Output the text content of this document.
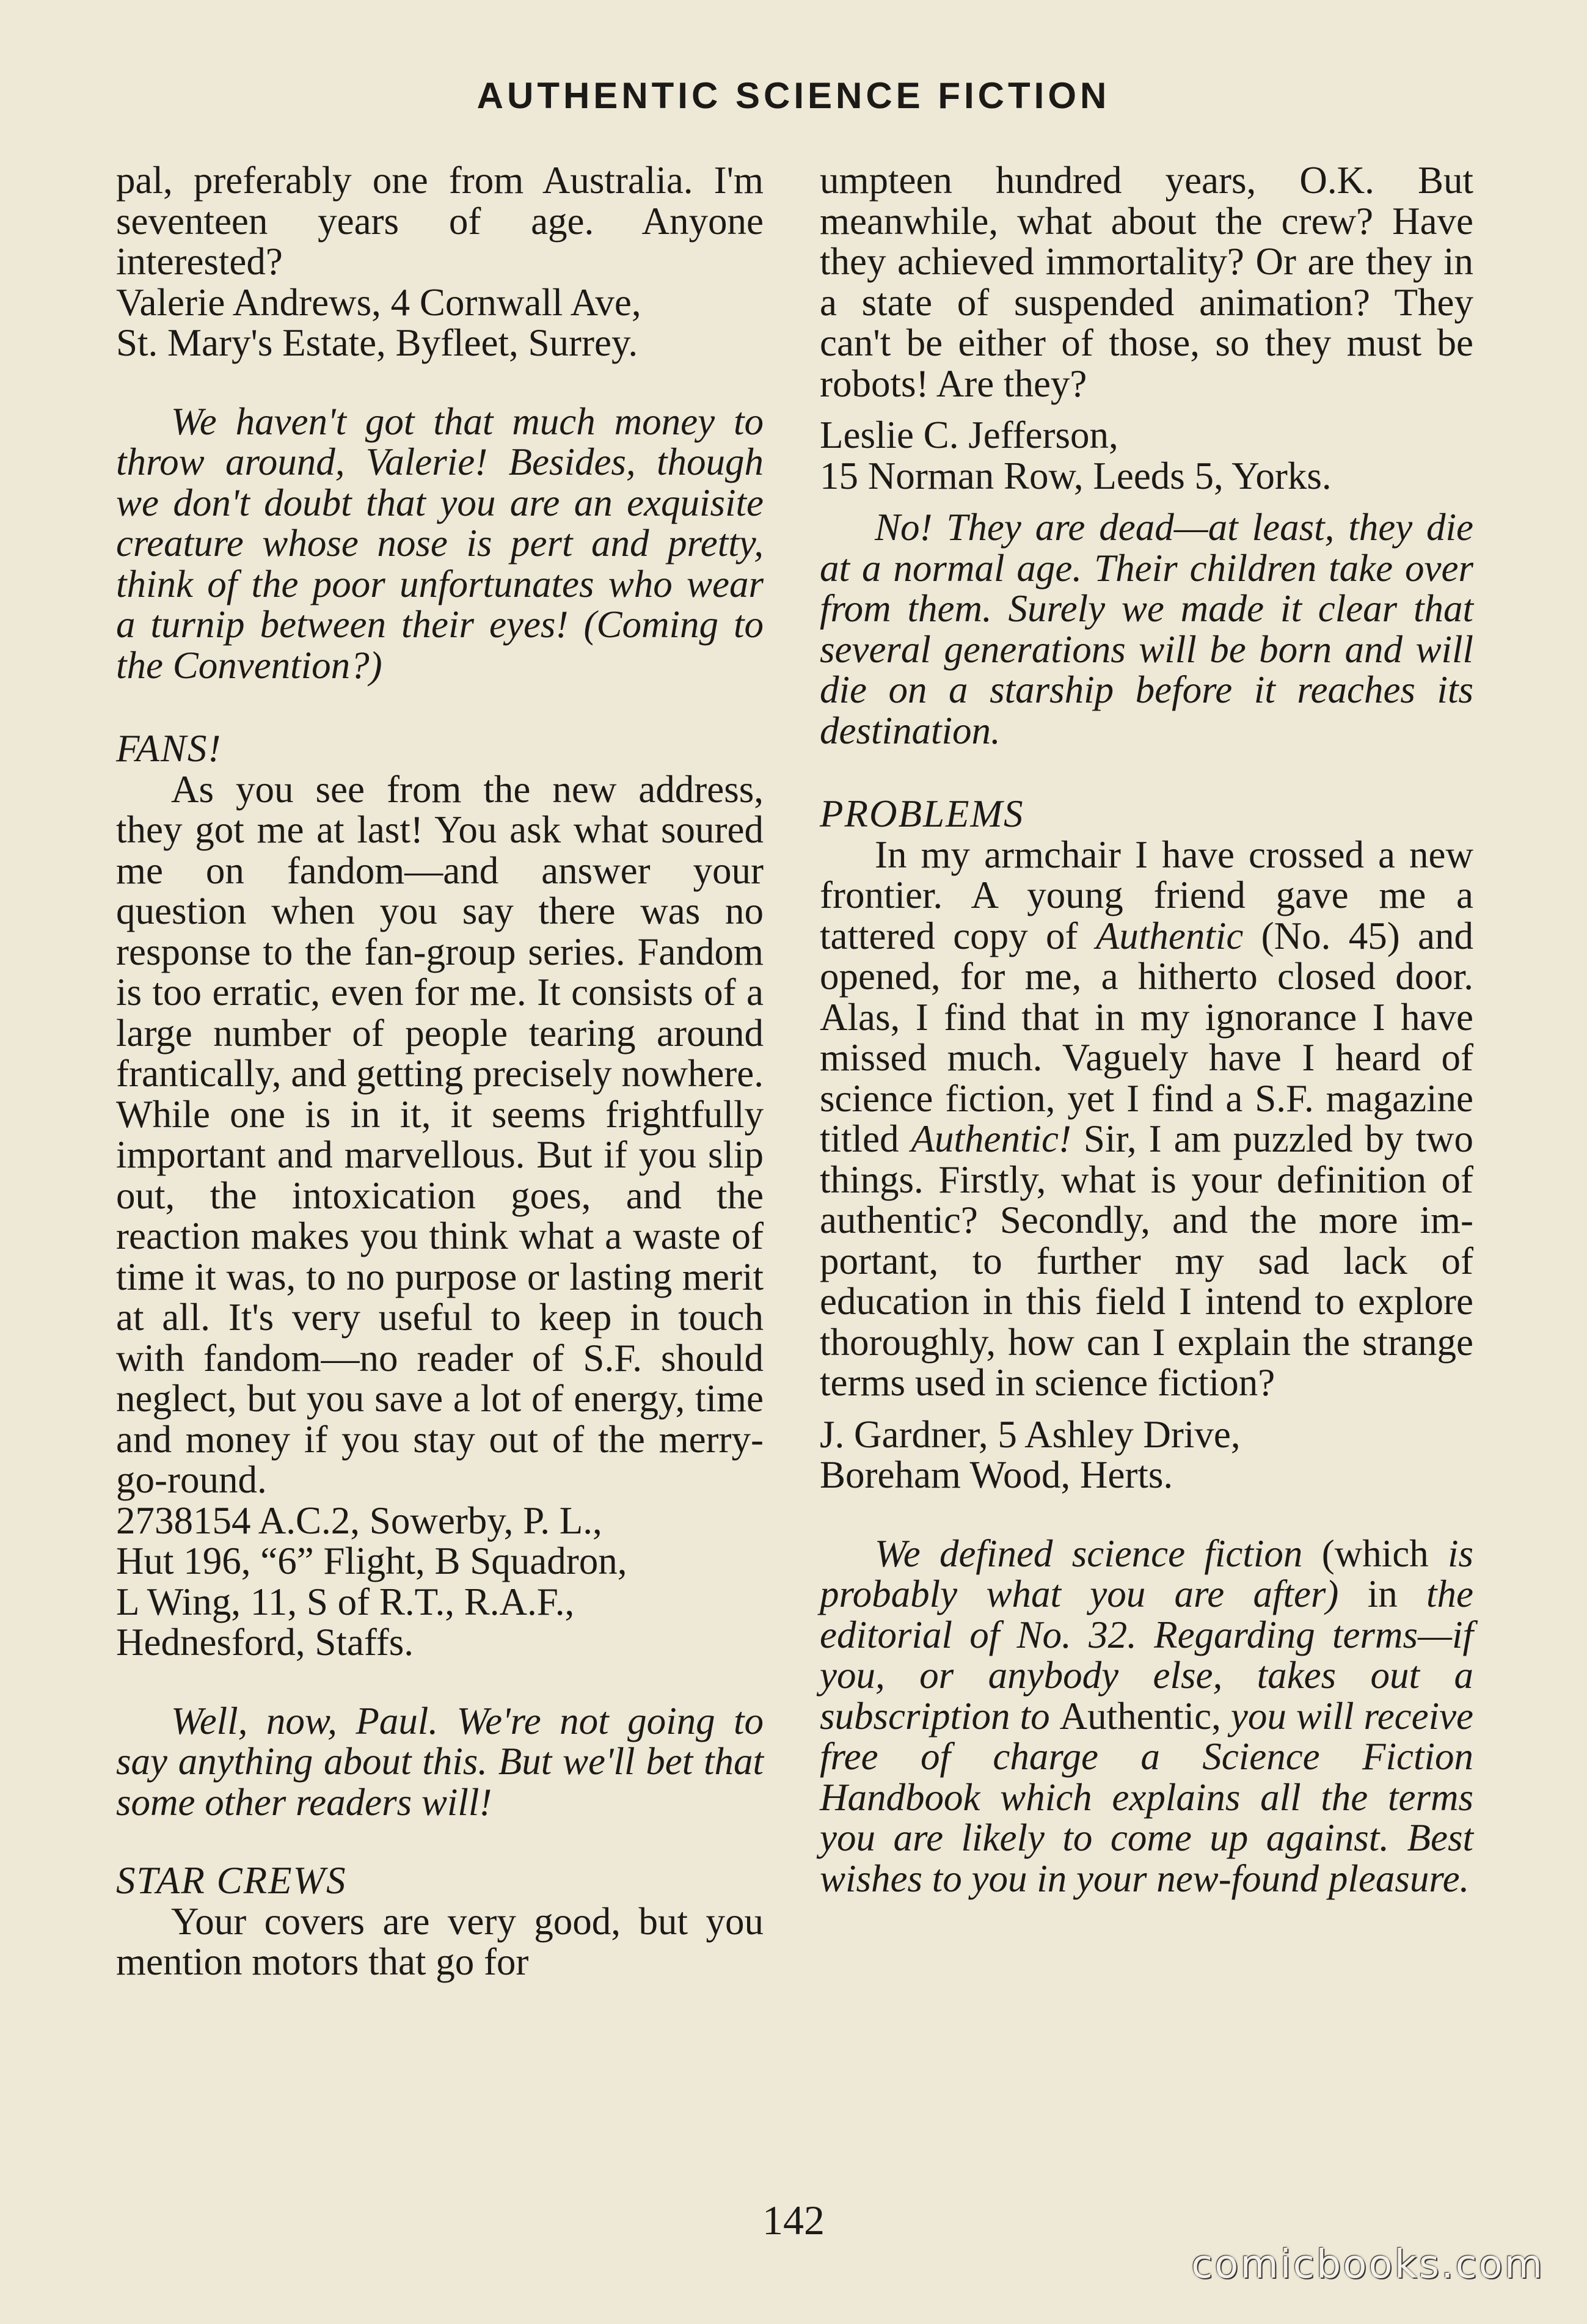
AUTHENTIC SCIENCE FICTION

pal, preferably one from Australia. I'm seventeen years of age. Anyone interested?

Valerie Andrews, 4 Cornwall Ave,

St. Mary's Estate, Byfleet, Surrey.

We haven't got that much money to throw around, Valerie! Besides, though we don't doubt that you are an exquisite creature whose nose is pert and pretty, think of the poor unfortunates who wear a turnip between their eyes! (Coming to the Convention?)

FANS!

As you see from the new address, they got me at last! You ask what soured me on fandom—and answer your question when you say there was no response to the fan-group series. Fandom is too erratic, even for me. It consists of a large number of people tearing around frantically, and getting precisely nowhere. While one is in it, it seems frightfully important and marvellous. But if you slip out, the intoxication goes, and the reaction makes you think what a waste of time it was, to no purpose or lasting merit at all. It's very useful to keep in touch with fandom—no reader of S.F. should neglect, but you save a lot of energy, time and money if you stay out of the merry-go-round.

2738154 A.C.2, Sowerby, P. L.,

Hut 196, “6” Flight, B Squadron,

L Wing, 11, S of R.T., R.A.F.,

Hednesford, Staffs.

Well, now, Paul. We're not going to say anything about this. But we'll bet that some other readers will!

STAR CREWS

Your covers are very good, but you mention motors that go for

umpteen hundred years, O.K. But meanwhile, what about the crew? Have they achieved immortality? Or are they in a state of suspended animation? They can't be either of those, so they must be robots! Are they?

Leslie C. Jefferson,

15 Norman Row, Leeds 5, Yorks.

No! They are dead—at least, they die at a normal age. Their children take over from them. Surely we made it clear that several generations will be born and will die on a starship before it reaches its destination.

PROBLEMS

In my armchair I have crossed a new frontier. A young friend gave me a tattered copy of Authentic (No. 45) and opened, for me, a hitherto closed door. Alas, I find that in my ignorance I have missed much. Vaguely have I heard of science fiction, yet I find a S.F. magazine titled Authentic! Sir, I am puzzled by two things. Firstly, what is your definition of authentic? Secondly, and the more important, to further my sad lack of education in this field I intend to explore thoroughly, how can I explain the strange terms used in science fiction?

J. Gardner, 5 Ashley Drive,

Boreham Wood, Herts.

We defined science fiction (which is probably what you are after) in the editorial of No. 32. Regarding terms—if you, or anybody else, takes out a subscription to Authentic, you will receive free of charge a Science Fiction Handbook which explains all the terms you are likely to come up against. Best wishes to you in your new-found pleasure.

142
comicbooks.com
